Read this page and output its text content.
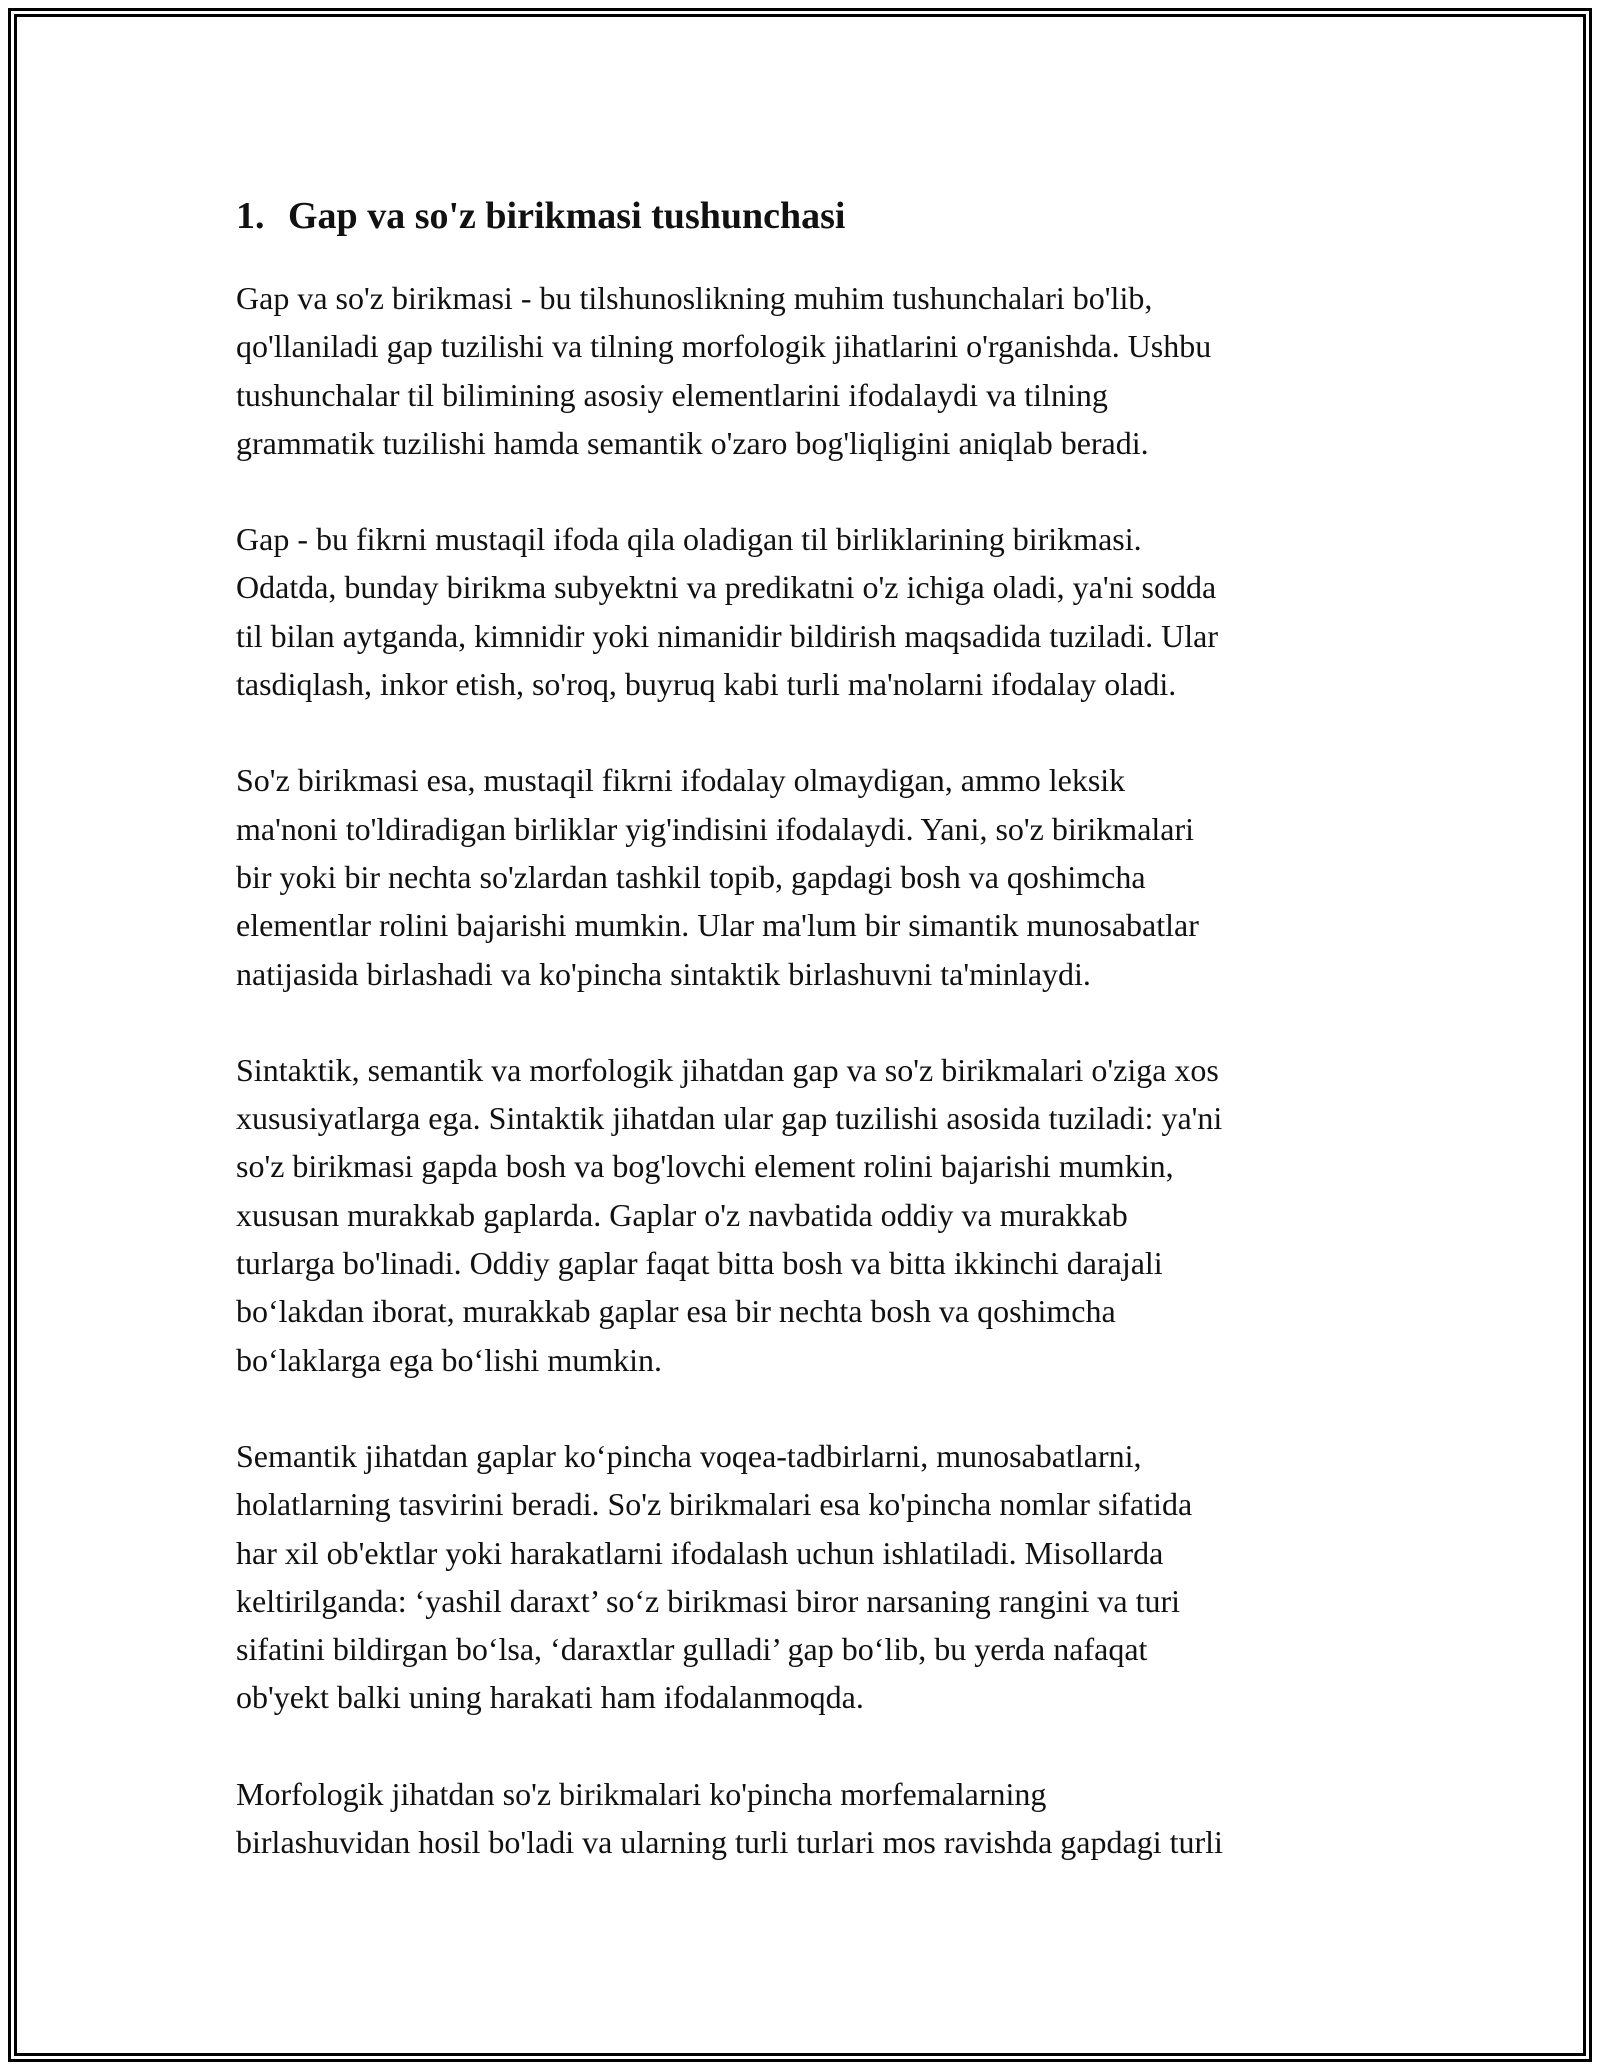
1. Gap va so'z birikmasi tushunchasi

Gap va so'z birikmasi - bu tilshunoslikning muhim tushunchalari bo'lib,
qo'llaniladi gap tuzilishi va tilning morfologik jihatlarini o'rganishda. Ushbu
tushunchalar til bilimining asosiy elementlarini ifodalaydi va tilning
grammatik tuzilishi hamda semantik o'zaro bog'liqligini aniqlab beradi.

Gap - bu fikrni mustaqil ifoda qila oladigan til birliklarining birikmasi.
Odatda, bunday birikma subyektni va predikatni o'z ichiga oladi, ya'ni sodda
til bilan aytganda, kimnidir yoki nimanidir bildirish maqsadida tuziladi. Ular
tasdiqlash, inkor etish, so'roq, buyruq kabi turli ma'nolarni ifodalay oladi.

So'z birikmasi esa, mustaqil fikrni ifodalay olmaydigan, ammo leksik
ma'noni to'ldiradigan birliklar yig'indisini ifodalaydi. Yani, so'z birikmalari
bir yoki bir nechta so'zlardan tashkil topib, gapdagi bosh va qoshimcha
elementlar rolini bajarishi mumkin. Ular ma'lum bir simantik munosabatlar
natijasida birlashadi va ko'pincha sintaktik birlashuvni ta'minlaydi.

Sintaktik, semantik va morfologik jihatdan gap va so'z birikmalari o'ziga xos
xususiyatlarga ega. Sintaktik jihatdan ular gap tuzilishi asosida tuziladi: ya'ni
so'z birikmasi gapda bosh va bog'lovchi element rolini bajarishi mumkin,
xususan murakkab gaplarda. Gaplar o'z navbatida oddiy va murakkab
turlarga bo'linadi. Oddiy gaplar faqat bitta bosh va bitta ikkinchi darajali
bo‘lakdan iborat, murakkab gaplar esa bir nechta bosh va qoshimcha
bo‘laklarga ega bo‘lishi mumkin.

Semantik jihatdan gaplar ko‘pincha voqea-tadbirlarni, munosabatlarni,
holatlarning tasvirini beradi. So'z birikmalari esa ko'pincha nomlar sifatida
har xil ob'ektlar yoki harakatlarni ifodalash uchun ishlatiladi. Misollarda
keltirilganda: ‘yashil daraxt’ so‘z birikmasi biror narsaning rangini va turi
sifatini bildirgan bo‘lsa, ‘daraxtlar gulladi’ gap bo‘lib, bu yerda nafaqat
ob'yekt balki uning harakati ham ifodalanmoqda.

Morfologik jihatdan so'z birikmalari ko'pincha morfemalarning
birlashuvidan hosil bo'ladi va ularning turli turlari mos ravishda gapdagi turli
